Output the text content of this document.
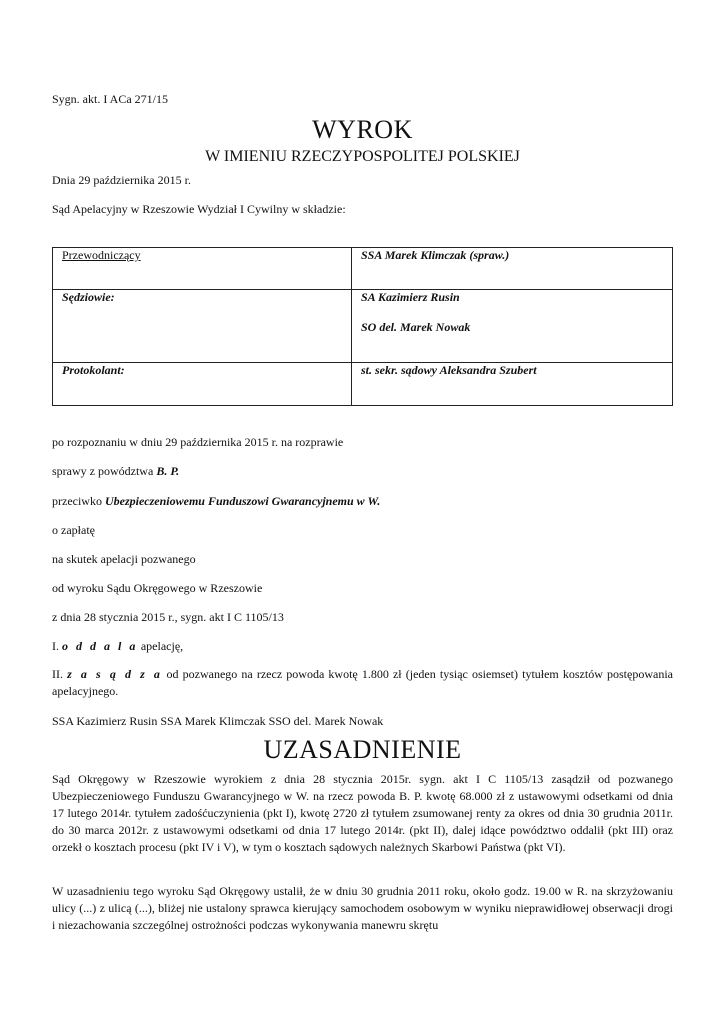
Sygn. akt. I ACa 271/15
WYROK
W IMIENIU RZECZYPOSPOLITEJ POLSKIEJ
Dnia 29 października 2015 r.
Sąd Apelacyjny w Rzeszowie Wydział I Cywilny w składzie:
Przewodniczący	SSA Marek Klimczak (spraw.)
Sędziowie:	SA Kazimierz Rusin
SO del. Marek Nowak

Protokolant:	st. sekr. sądowy Aleksandra Szubert
po rozpoznaniu w dniu 29 października 2015 r. na rozprawie
sprawy z powództwa B. P.
przeciwko Ubezpieczeniowemu Funduszowi Gwarancyjnemu w W.
o zapłatę
na skutek apelacji pozwanego
od wyroku Sądu Okręgowego w Rzeszowie
z dnia 28 stycznia 2015 r., sygn. akt I C 1105/13
I. o d d a l a apelację,
II. z a s ą d z a od pozwanego na rzecz powoda kwotę 1.800 zł (jeden tysiąc osiemset) tytułem kosztów postępowania apelacyjnego.
SSA Kazimierz Rusin SSA Marek Klimczak SSO del. Marek Nowak
UZASADNIENIE
Sąd Okręgowy w Rzeszowie wyrokiem z dnia 28 stycznia 2015r. sygn. akt I C 1105/13 zasądził od pozwanego Ubezpieczeniowego Funduszu Gwarancyjnego w W. na rzecz powoda B. P. kwotę 68.000 zł z ustawowymi odsetkami od dnia 17 lutego 2014r. tytułem zadośćuczynienia (pkt I), kwotę 2720 zł tytułem zsumowanej renty za okres od dnia 30 grudnia 2011r. do 30 marca 2012r. z ustawowymi odsetkami od dnia 17 lutego 2014r. (pkt II), dalej idące powództwo oddalił (pkt III) oraz orzekł o kosztach procesu (pkt IV i V), w tym o kosztach sądowych należnych Skarbowi Państwa (pkt VI).
W uzasadnieniu tego wyroku Sąd Okręgowy ustalił, że w dniu 30 grudnia 2011 roku, około godz. 19.00 w R. na skrzyżowaniu ulicy (...) z ulicą (...), bliżej nie ustalony sprawca kierujący samochodem osobowym w wyniku nieprawidłowej obserwacji drogi i niezachowania szczególnej ostrożności podczas wykonywania manewru skrętu
